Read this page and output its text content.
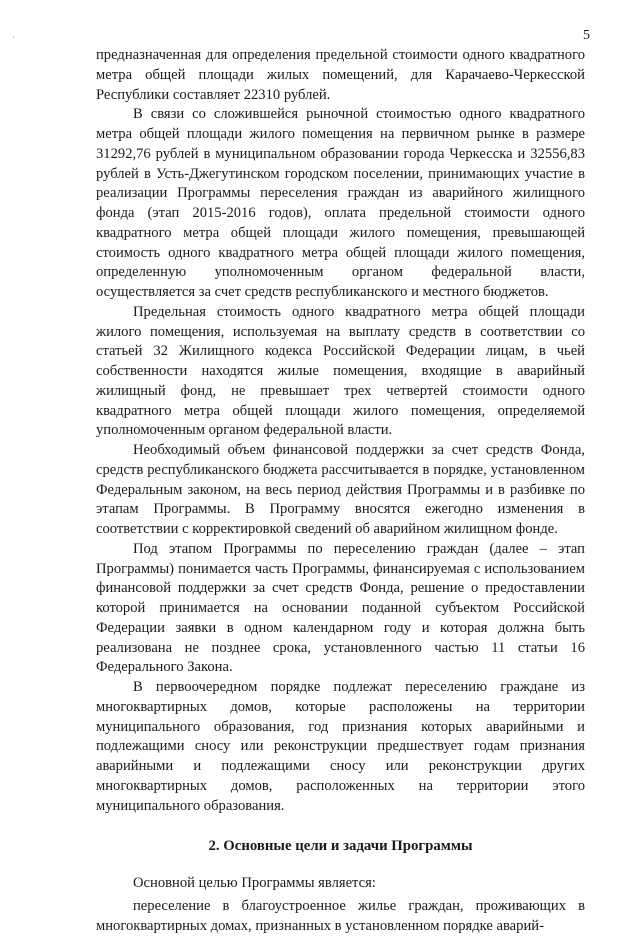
·	5

предназначенная для определения предельной стоимости одного квадратного метра общей площади жилых помещений, для Карачаево-Черкесской Республики составляет 22310 рублей.

В связи со сложившейся рыночной стоимостью одного квадратного метра общей площади жилого помещения на первичном рынке в размере 31292,76 рублей в муниципальном образовании города Черкесска и 32556,83 рублей в Усть-Джегутинском городском поселении, принимающих участие в реализации Программы переселения граждан из аварийного жилищного фонда (этап 2015-2016 годов), оплата предельной стоимости одного квадратного метра общей площади жилого помещения, превышающей стоимость одного квадратного метра общей площади жилого помещения, определенную уполномоченным органом федеральной власти, осуществляется за счет средств республиканского и местного бюджетов.

Предельная стоимость одного квадратного метра общей площади жилого помещения, используемая на выплату средств в соответствии со статьей 32 Жилищного кодекса Российской Федерации лицам, в чьей собственности находятся жилые помещения, входящие в аварийный жилищный фонд, не превышает трех четвертей стоимости одного квадратного метра общей площади жилого помещения, определяемой уполномоченным органом федеральной власти.

Необходимый объем финансовой поддержки за счет средств Фонда, средств республиканского бюджета рассчитывается в порядке, установленном Федеральным законом, на весь период действия Программы и в разбивке по этапам Программы. В Программу вносятся ежегодно изменения в соответствии с корректировкой сведений об аварийном жилищном фонде.

Под этапом Программы по переселению граждан (далее – этап Программы) понимается часть Программы, финансируемая с использованием финансовой поддержки за счет средств Фонда, решение о предоставлении которой принимается на основании поданной субъектом Российской Федерации заявки в одном календарном году и которая должна быть реализована не позднее срока, установленного частью 11 статьи 16 Федерального Закона.

В первоочередном порядке подлежат переселению граждане из многоквартирных домов, которые расположены на территории муниципального образования, год признания которых аварийными и подлежащими сносу или реконструкции предшествует годам признания аварийными и подлежащими сносу или реконструкции других многоквартирных домов, расположенных на территории этого муниципального образования.

2. Основные цели и задачи Программы

Основной целью Программы является:

переселение в благоустроенное жилье граждан, проживающих в многоквартирных домах, признанных в установленном порядке аварий-
